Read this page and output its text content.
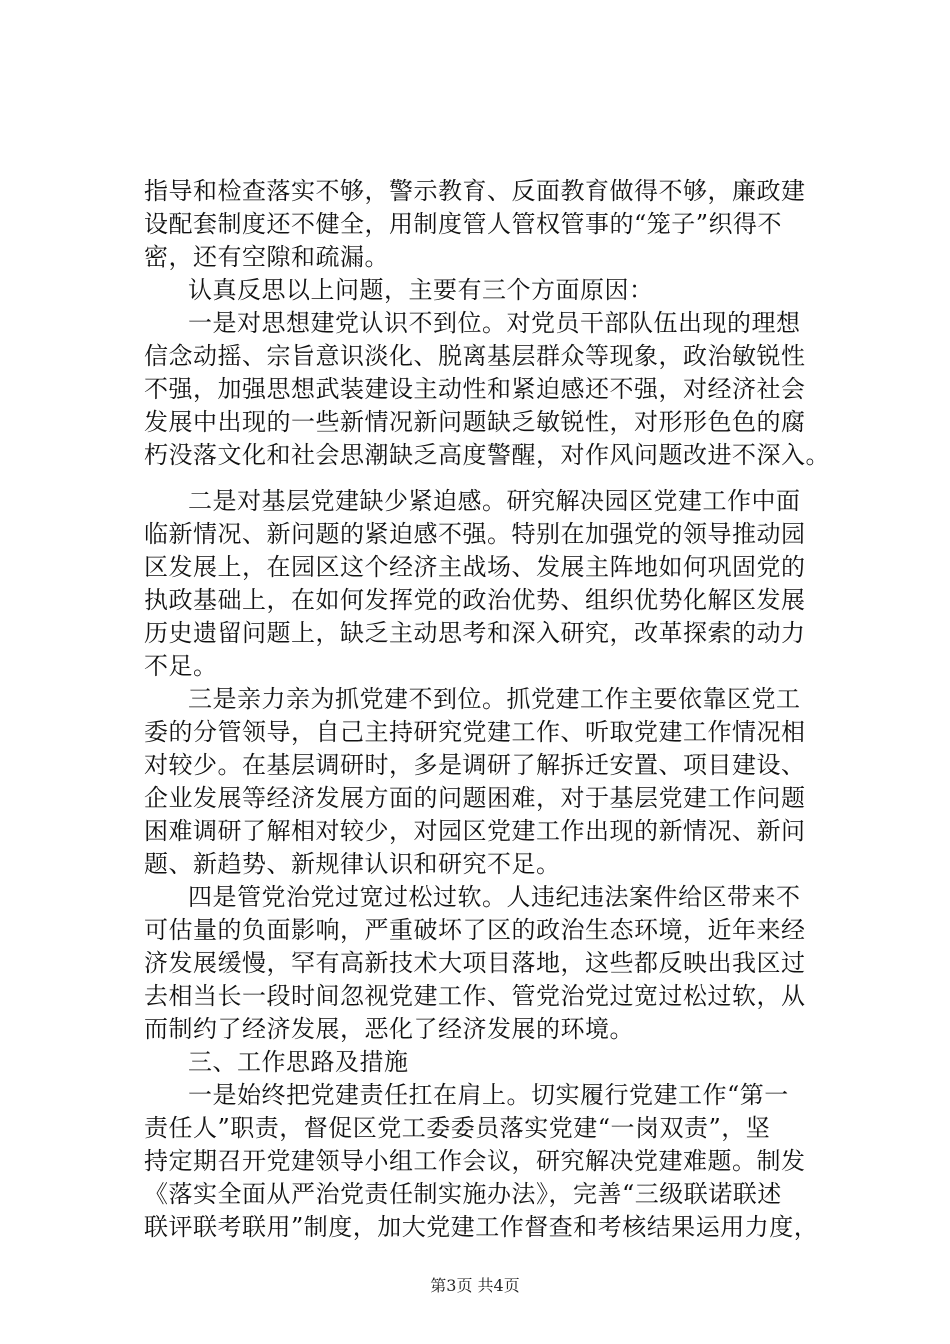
指导和检查落实不够，警示教育、反面教育做得不够，廉政建
设配套制度还不健全，用制度管人管权管事的“笼子”织得不
密，还有空隙和疏漏。
认真反思以上问题，主要有三个方面原因：
一是对思想建党认识不到位。对党员干部队伍出现的理想
信念动摇、宗旨意识淡化、脱离基层群众等现象，政治敏锐性
不强，加强思想武装建设主动性和紧迫感还不强，对经济社会
发展中出现的一些新情况新问题缺乏敏锐性，对形形色色的腐
朽没落文化和社会思潮缺乏高度警醒，对作风问题改进不深入。
二是对基层党建缺少紧迫感。研究解决园区党建工作中面
临新情况、新问题的紧迫感不强。特别在加强党的领导推动园
区发展上，在园区这个经济主战场、发展主阵地如何巩固党的
执政基础上，在如何发挥党的政治优势、组织优势化解区发展
历史遗留问题上，缺乏主动思考和深入研究，改革探索的动力
不足。
三是亲力亲为抓党建不到位。抓党建工作主要依靠区党工
委的分管领导，自己主持研究党建工作、听取党建工作情况相
对较少。在基层调研时，多是调研了解拆迁安置、项目建设、
企业发展等经济发展方面的问题困难，对于基层党建工作问题
困难调研了解相对较少，对园区党建工作出现的新情况、新问
题、新趋势、新规律认识和研究不足。
四是管党治党过宽过松过软。人违纪违法案件给区带来不
可估量的负面影响，严重破坏了区的政治生态环境，近年来经
济发展缓慢，罕有高新技术大项目落地，这些都反映出我区过
去相当长一段时间忽视党建工作、管党治党过宽过松过软，从
而制约了经济发展，恶化了经济发展的环境。
三、工作思路及措施
一是始终把党建责任扛在肩上。切实履行党建工作“第一
责任人”职责，督促区党工委委员落实党建“一岗双责”，坚
持定期召开党建领导小组工作会议，研究解决党建难题。制发
《落实全面从严治党责任制实施办法》，完善“三级联诺联述
联评联考联用”制度，加大党建工作督查和考核结果运用力度，
第3页 共4页
